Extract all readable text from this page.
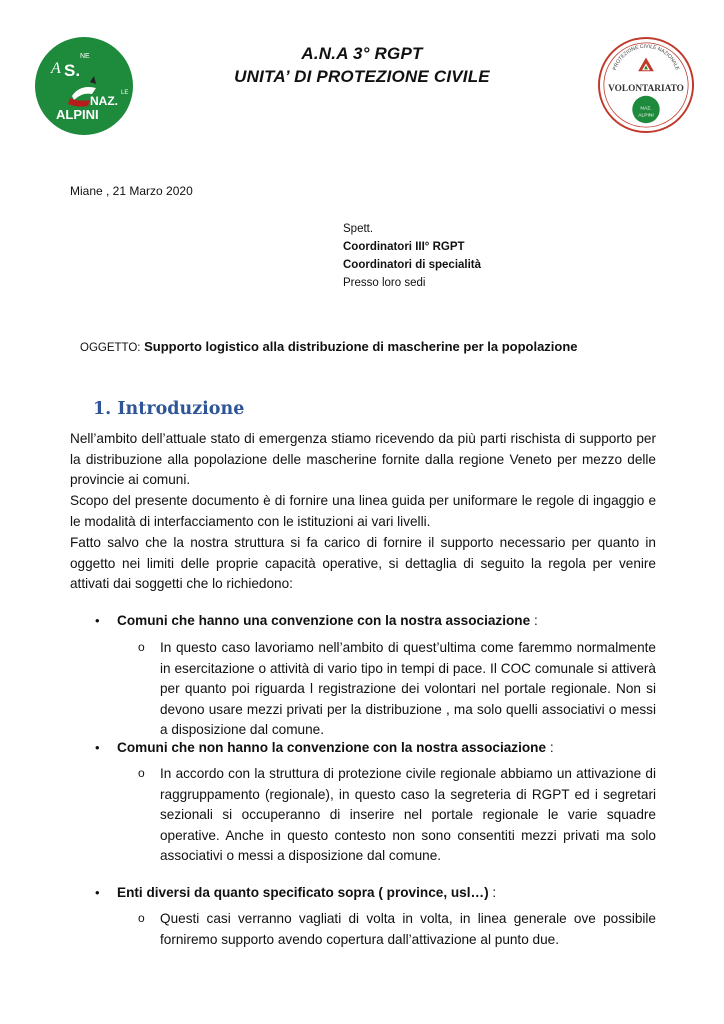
A S.
NE
NAZ.
LE
ALPINI
A.N.A 3° RGPT
UNITA’ DI PROTEZIONE CIVILE	PROTEZIONE CIVILE NAZIONALE
VOLONTARIATO
NAZ.
ALPINI
Miane , 21 Marzo 2020
Spett.
Coordinatori III° RGPT
Coordinatori di specialità
Presso loro sedi
OGGETTO: Supporto logistico alla distribuzione di mascherine per la popolazione
1. Introduzione
Nell’ambito dell’attuale stato di emergenza stiamo ricevendo da più parti rischista di supporto per la distribuzione alla popolazione delle mascherine fornite dalla regione Veneto per mezzo delle provincie ai comuni.
Scopo del presente documento è di fornire una linea guida per uniformare le regole di ingaggio e le modalità di interfacciamento con le istituzioni ai vari livelli.
Fatto salvo che la nostra struttura si fa carico di fornire il supporto necessario per quanto in oggetto nei limiti delle proprie capacità operative, si dettaglia di seguito la regola per venire attivati dai soggetti che lo richiedono:
• Comuni che hanno una convenzione con la nostra associazione :
o In questo caso lavoriamo nell’ambito di quest’ultima come faremmo normalmente in esercitazione o attività di vario tipo in tempi di pace. Il COC comunale si attiverà per quanto poi riguarda l registrazione dei volontari nel portale regionale. Non si devono usare mezzi privati per la distribuzione , ma solo quelli associativi o messi a disposizione dal comune.
• Comuni che non hanno la convenzione con la nostra associazione :
o In accordo con la struttura di protezione civile regionale abbiamo un attivazione di raggruppamento (regionale), in questo caso la segreteria di RGPT ed i segretari sezionali si occuperanno di inserire nel portale regionale le varie squadre operative. Anche in questo contesto non sono consentiti mezzi privati ma solo associativi o messi a disposizione dal comune.
• Enti diversi da quanto specificato sopra ( province, usl…) :
o Questi casi verranno vagliati di volta in volta, in linea generale ove possibile forniremo supporto avendo copertura dall’attivazione al punto due.
